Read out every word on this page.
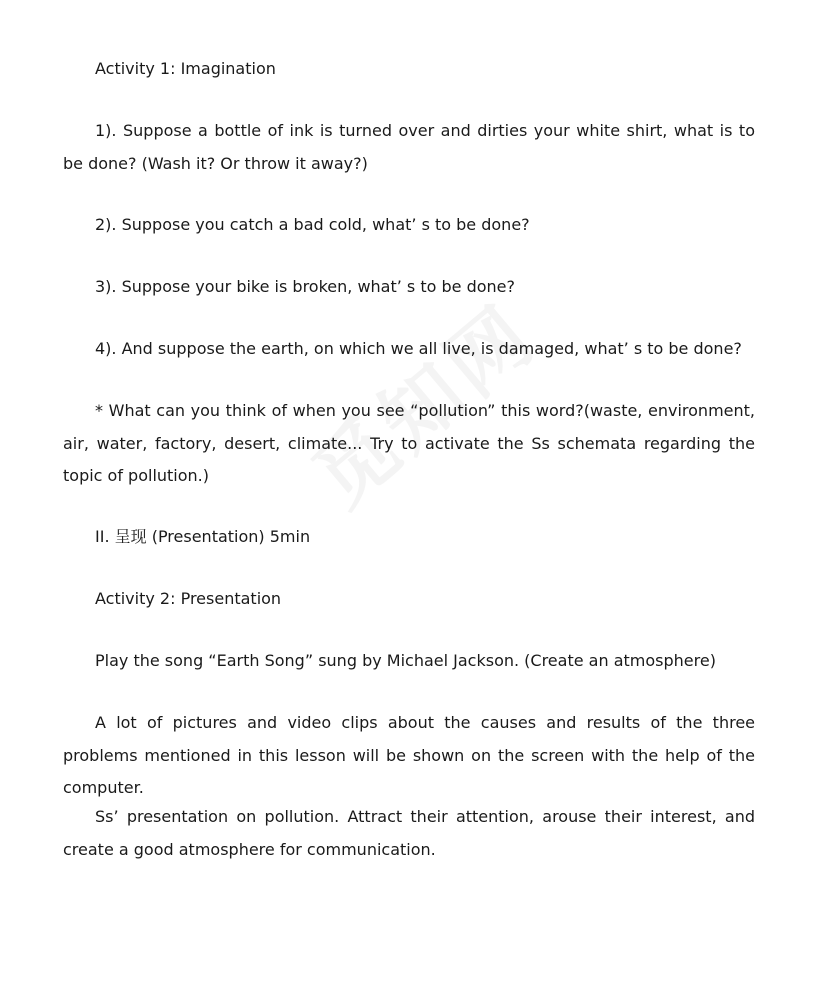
Activity 1: Imagination

1). Suppose a bottle of ink is turned over and dirties your white shirt, what is to be done? (Wash it? Or throw it away?)

2). Suppose you catch a bad cold, what’ s to be done?

3). Suppose your bike is broken, what’ s to be done?

4). And suppose the earth, on which we all live, is damaged, what’ s to be done?

* What can you think of when you see “pollution” this word?(waste, environment, air, water, factory, desert, climate... Try to activate the Ss schemata regarding the topic of pollution.)

II. 呈现 (Presentation) 5min

Activity 2: Presentation

Play the song “Earth Song” sung by Michael Jackson. (Create an atmosphere)

A lot of pictures and video clips about the causes and results of the three problems mentioned in this lesson will be shown on the screen with the help of the computer.

Ss’ presentation on pollution. Attract their attention, arouse their interest, and create a good atmosphere for communication.
